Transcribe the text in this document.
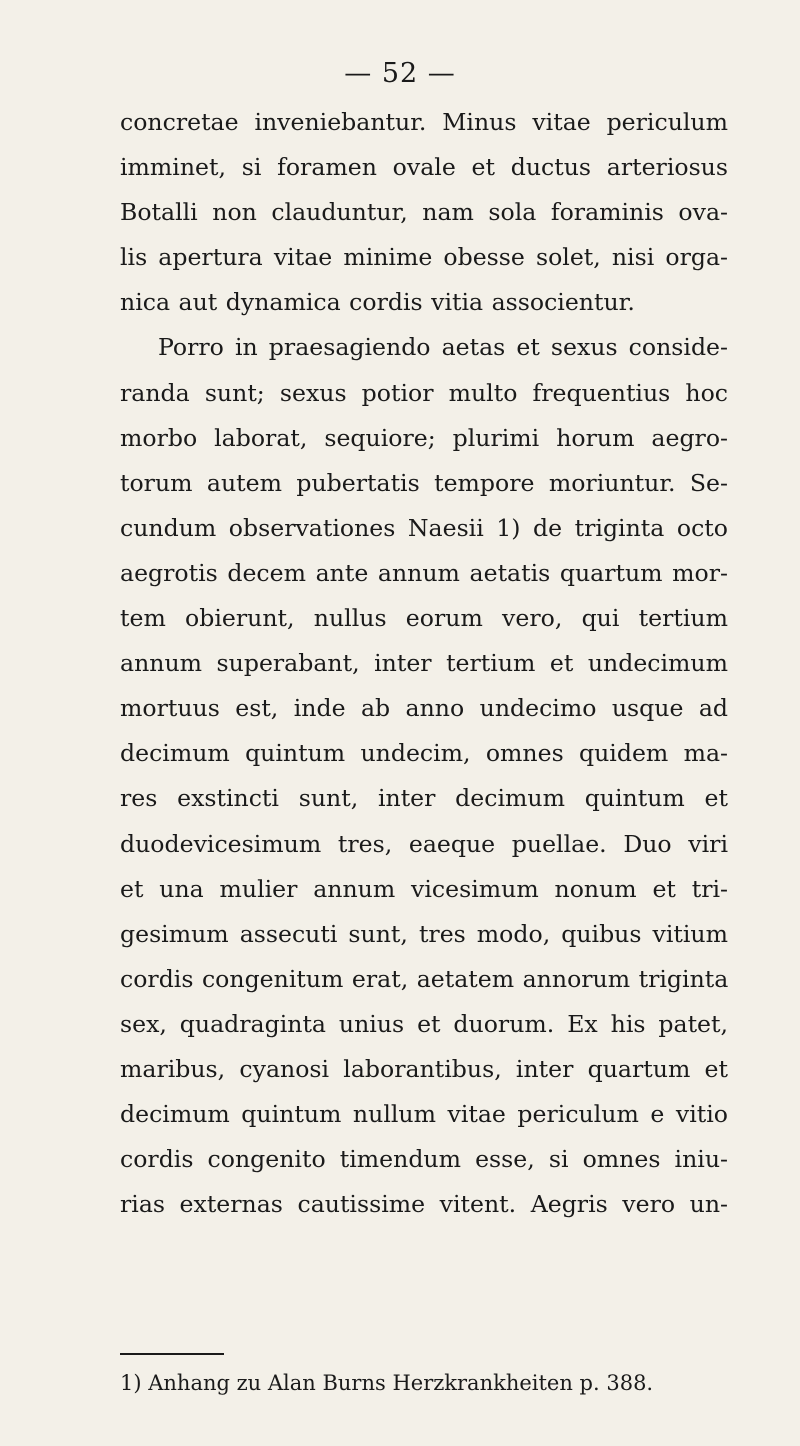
— 52 —
concretae inveniebantur. Minus vitae periculum
imminet, si foramen ovale et ductus arteriosus
Botalli non clauduntur, nam sola foraminis ova-
lis apertura vitae minime obesse solet, nisi orga-
nica aut dynamica cordis vitia associentur.
Porro in praesagiendo aetas et sexus conside-
randa sunt; sexus potior multo frequentius hoc
morbo laborat, sequiore; plurimi horum aegro-
torum autem pubertatis tempore moriuntur. Se-
cundum observationes Naesii 1) de triginta octo
aegrotis decem ante annum aetatis quartum mor-
tem obierunt, nullus eorum vero, qui tertium
annum superabant, inter tertium et undecimum
mortuus est, inde ab anno undecimo usque ad
decimum quintum undecim, omnes quidem ma-
res exstincti sunt, inter decimum quintum et
duodevicesimum tres, eaeque puellae. Duo viri
et una mulier annum vicesimum nonum et tri-
gesimum assecuti sunt, tres modo, quibus vitium
cordis congenitum erat, aetatem annorum triginta
sex, quadraginta unius et duorum. Ex his patet,
maribus, cyanosi laborantibus, inter quartum et
decimum quintum nullum vitae periculum e vitio
cordis congenito timendum esse, si omnes iniu-
rias externas cautissime vitent. Aegris vero un-
1) Anhang zu Alan Burns Herzkrankheiten p. 388.
